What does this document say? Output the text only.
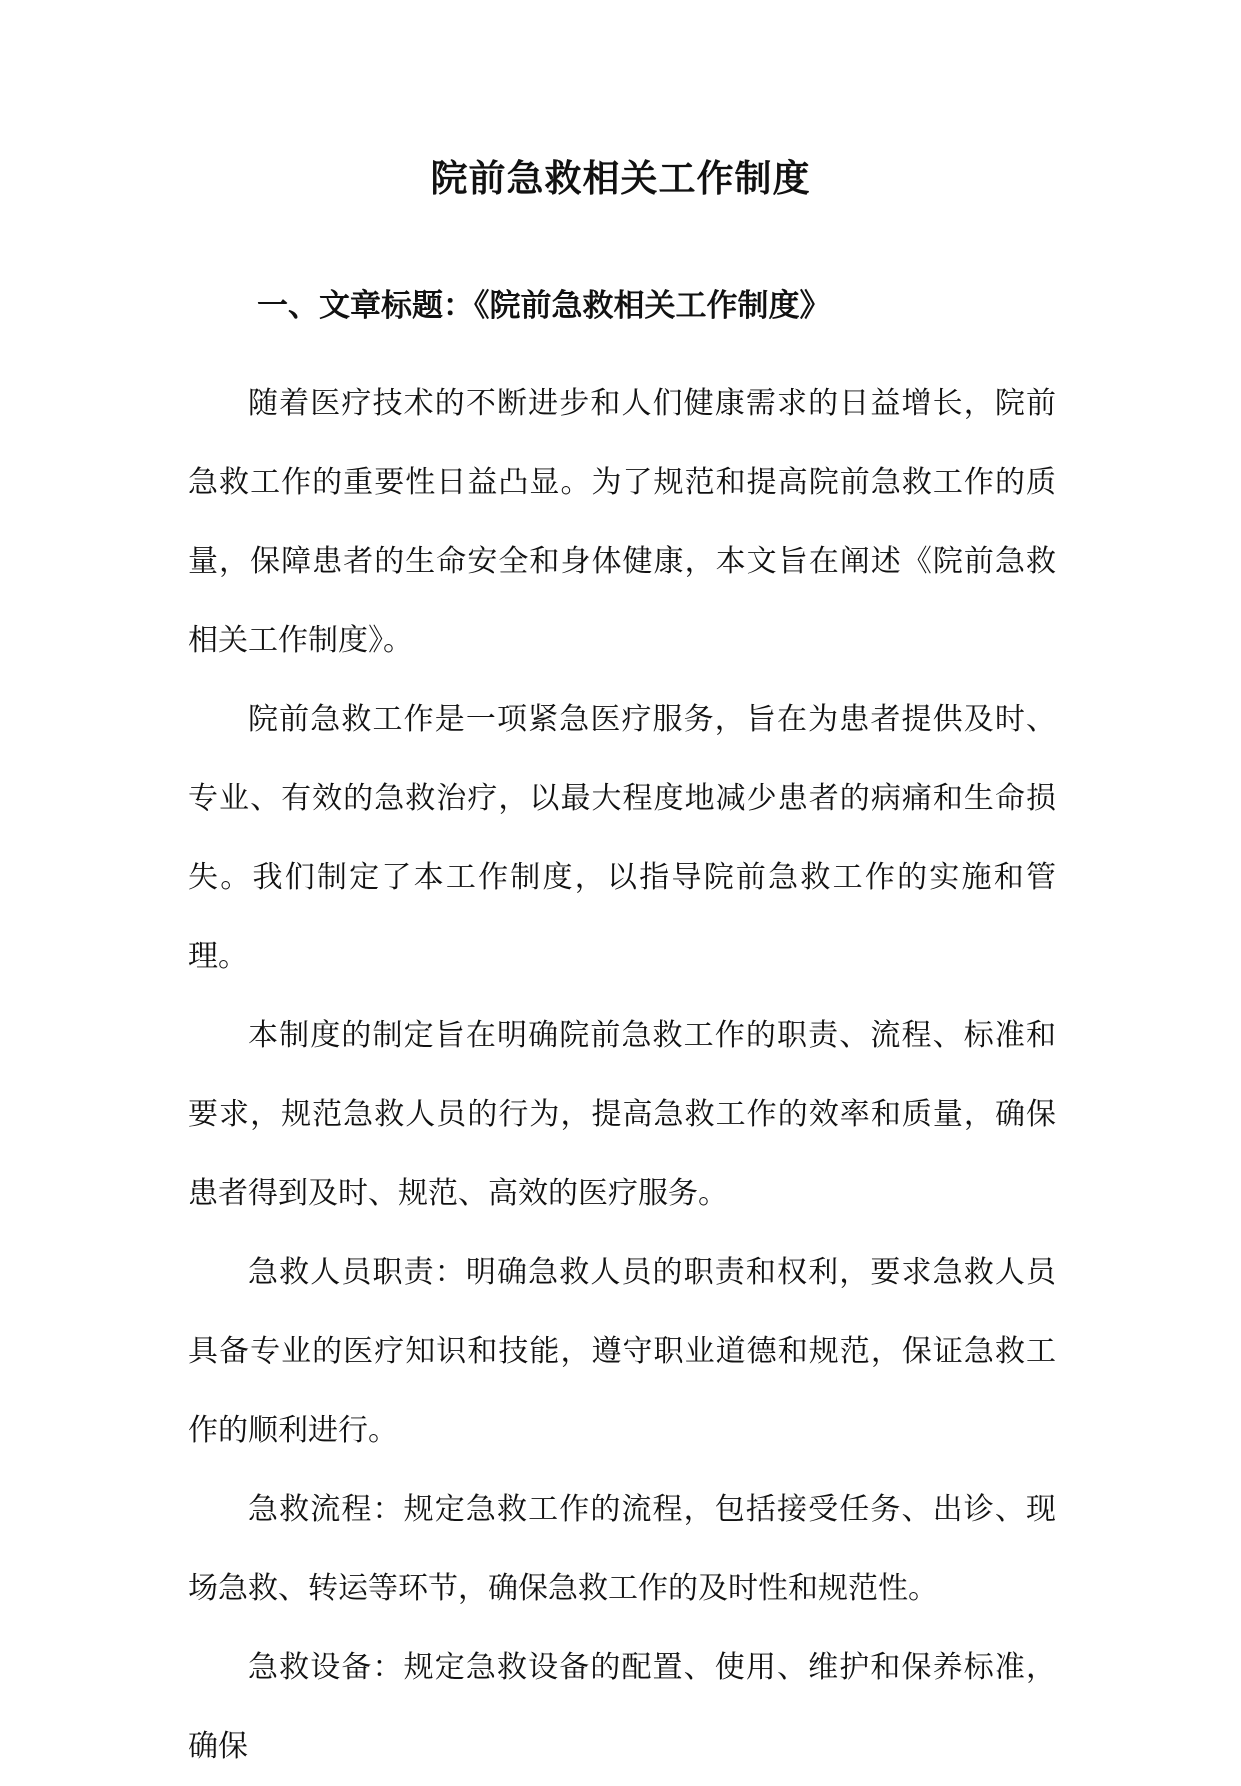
院前急救相关工作制度
一、文章标题：《院前急救相关工作制度》

随着医疗技术的不断进步和人们健康需求的日益增长，院前急救工作的重要性日益凸显。为了规范和提高院前急救工作的质量，保障患者的生命安全和身体健康，本文旨在阐述《院前急救相关工作制度》。

院前急救工作是一项紧急医疗服务，旨在为患者提供及时、专业、有效的急救治疗，以最大程度地减少患者的病痛和生命损失。我们制定了本工作制度，以指导院前急救工作的实施和管理。

本制度的制定旨在明确院前急救工作的职责、流程、标准和要求，规范急救人员的行为，提高急救工作的效率和质量，确保患者得到及时、规范、高效的医疗服务。

急救人员职责：明确急救人员的职责和权利，要求急救人员具备专业的医疗知识和技能，遵守职业道德和规范，保证急救工作的顺利进行。

急救流程：规定急救工作的流程，包括接受任务、出诊、现场急救、转运等环节，确保急救工作的及时性和规范性。

急救设备：规定急救设备的配置、使用、维护和保养标准，确保
